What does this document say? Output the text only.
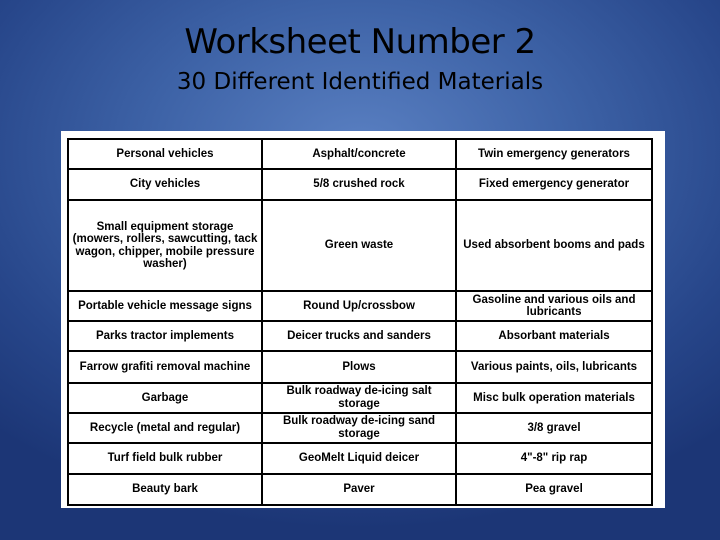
Worksheet Number 2
30 Different Identified Materials
Personal vehicles	Asphalt/concrete	Twin emergency generators
City vehicles	5/8 crushed rock	Fixed emergency generator
Small equipment storage (mowers, rollers, sawcutting, tack wagon, chipper, mobile pressure washer)	Green waste	Used absorbent booms and pads
Portable vehicle message signs	Round Up/crossbow	Gasoline and various oils and lubricants
Parks tractor implements	Deicer trucks and sanders	Absorbant materials
Farrow grafiti removal machine	Plows	Various paints, oils, lubricants
Garbage	Bulk roadway de-icing salt storage	Misc bulk operation materials
Recycle (metal and regular)	Bulk roadway de-icing sand storage	3/8 gravel
Turf field bulk rubber	GeoMelt Liquid deicer	4"-8" rip rap
Beauty bark	Paver	Pea gravel
